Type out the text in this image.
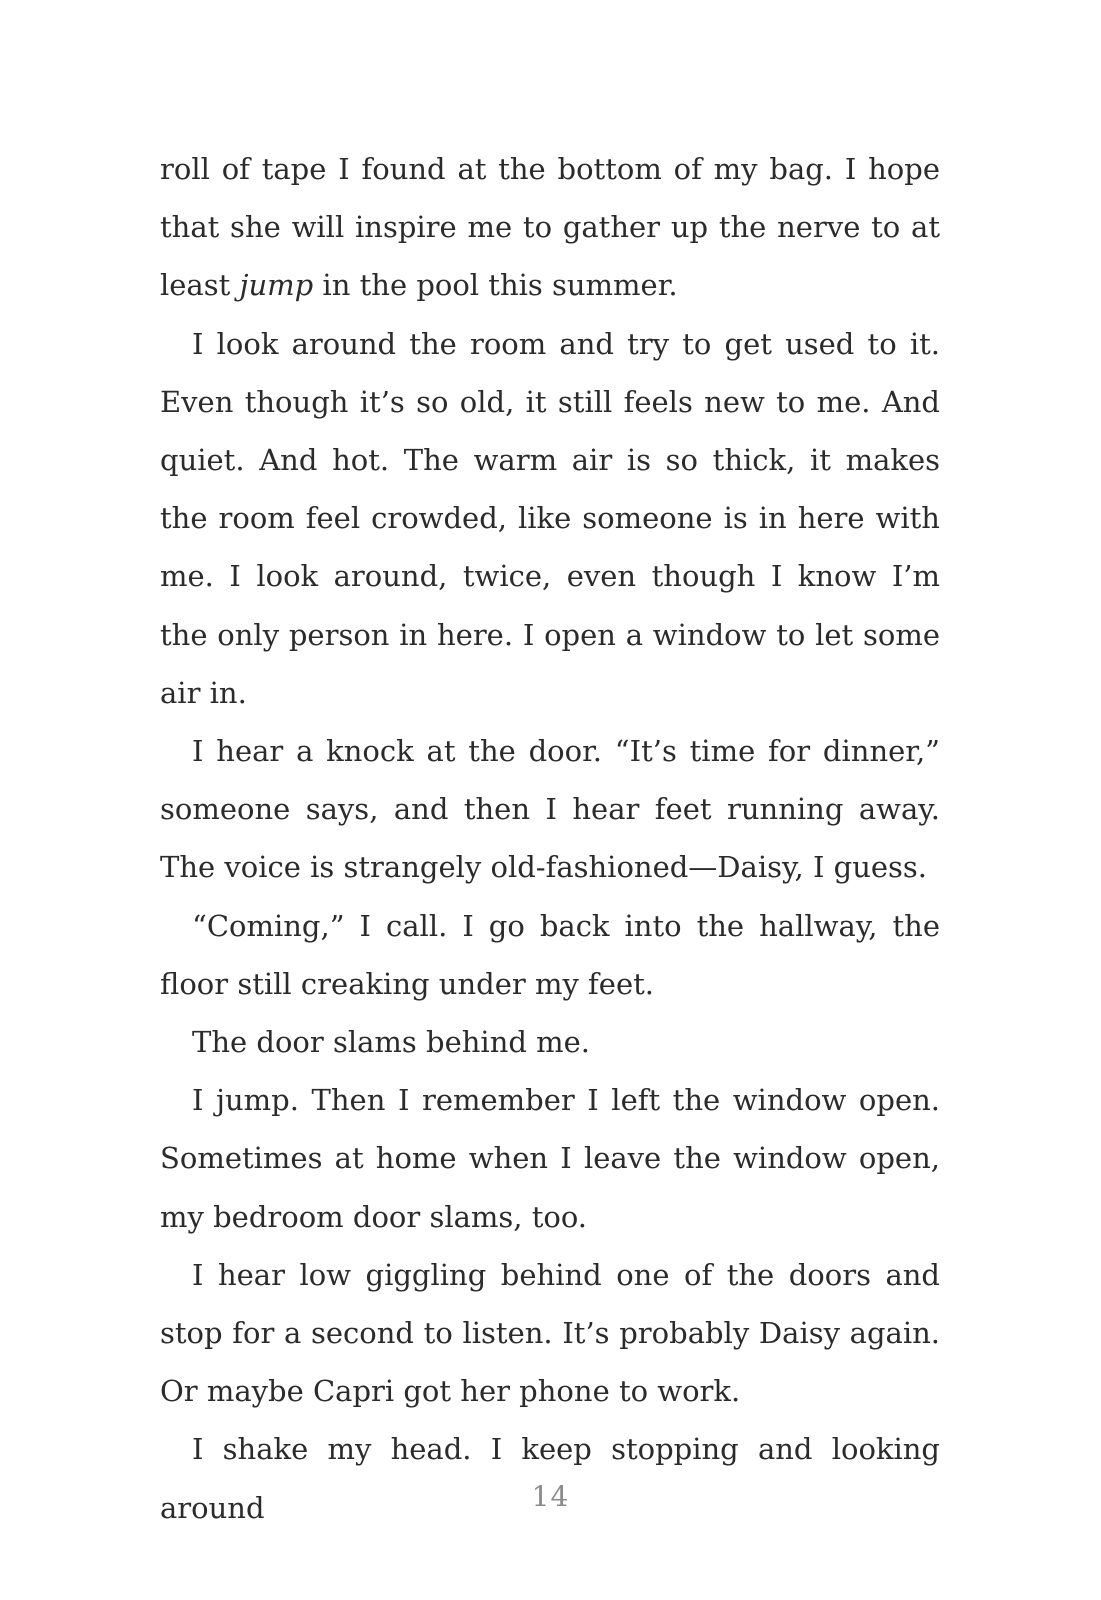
roll of tape I found at the bottom of my bag. I hope that she will inspire me to gather up the nerve to at least jump in the pool this summer.

I look around the room and try to get used to it. Even though it’s so old, it still feels new to me. And quiet. And hot. The warm air is so thick, it makes the room feel crowded, like someone is in here with me. I look around, twice, even though I know I’m the only person in here. I open a window to let some air in.

I hear a knock at the door. “It’s time for dinner,” someone says, and then I hear feet running away. The voice is strangely old-fashioned—Daisy, I guess.

“Coming,” I call. I go back into the hallway, the floor still creaking under my feet.

The door slams behind me.

I jump. Then I remember I left the window open. Sometimes at home when I leave the window open, my bedroom door slams, too.

I hear low giggling behind one of the doors and stop for a second to listen. It’s probably Daisy again. Or maybe Capri got her phone to work.

I shake my head. I keep stopping and looking around	14
